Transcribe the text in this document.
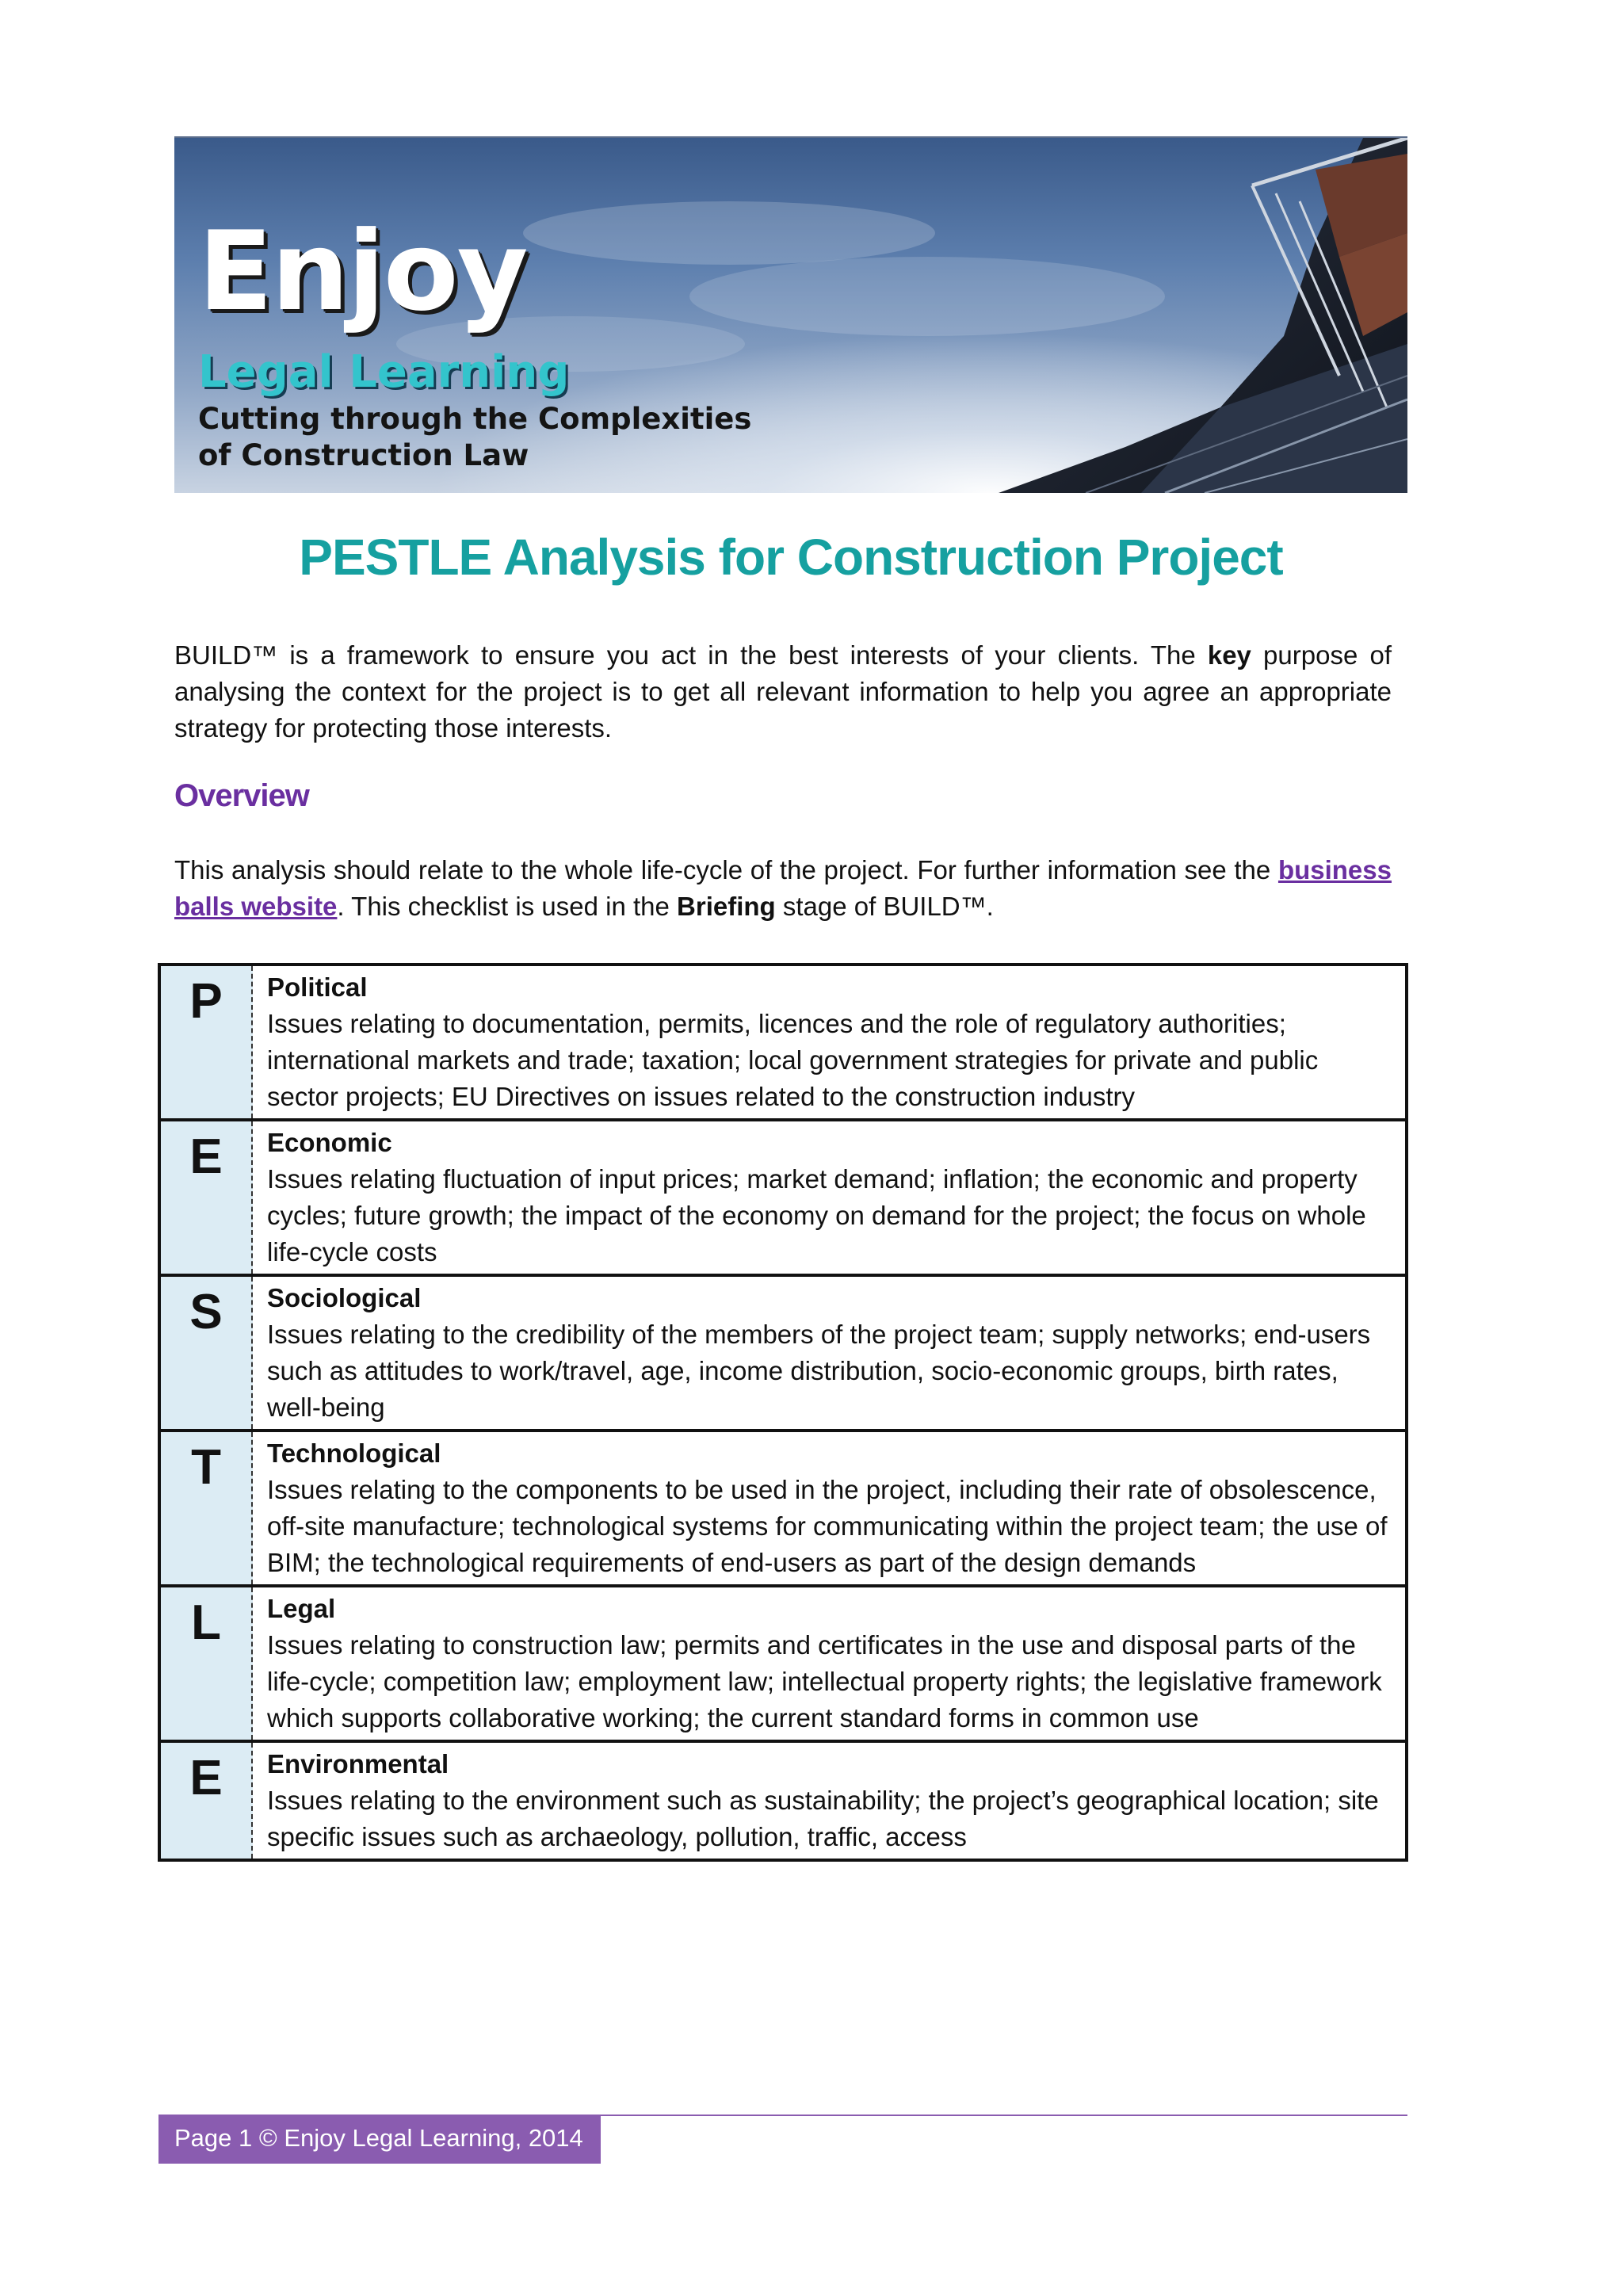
Enjoy
Legal Learning
Cutting through the Complexities
of Construction Law
PESTLE Analysis for Construction Project
BUILD™ is a framework to ensure you act in the best interests of your clients. The key purpose of analysing the context for the project is to get all relevant information to help you agree an appropriate strategy for protecting those interests.
Overview
This analysis should relate to the whole life-cycle of the project. For further information see the business balls website. This checklist is used in the Briefing stage of BUILD™.
P	Political
Issues relating to documentation, permits, licences and the role of regulatory authorities; international markets and trade; taxation; local government strategies for private and public sector projects; EU Directives on issues related to the construction industry
E	Economic
Issues relating fluctuation of input prices; market demand; inflation; the economic and property cycles; future growth; the impact of the economy on demand for the project; the focus on whole life-cycle costs
S	Sociological
Issues relating to the credibility of the members of the project team; supply networks; end-users such as attitudes to work/travel, age, income distribution, socio-economic groups, birth rates, well-being
T	Technological
Issues relating to the components to be used in the project, including their rate of obsolescence, off-site manufacture; technological systems for communicating within the project team; the use of BIM; the technological requirements of end-users as part of the design demands
L	Legal
Issues relating to construction law; permits and certificates in the use and disposal parts of the life-cycle; competition law; employment law; intellectual property rights; the legislative framework which supports collaborative working; the current standard forms in common use
E	Environmental
Issues relating to the environment such as sustainability; the project’s geographical location; site specific issues such as archaeology, pollution, traffic, access
Page 1 © Enjoy Legal Learning, 2014
